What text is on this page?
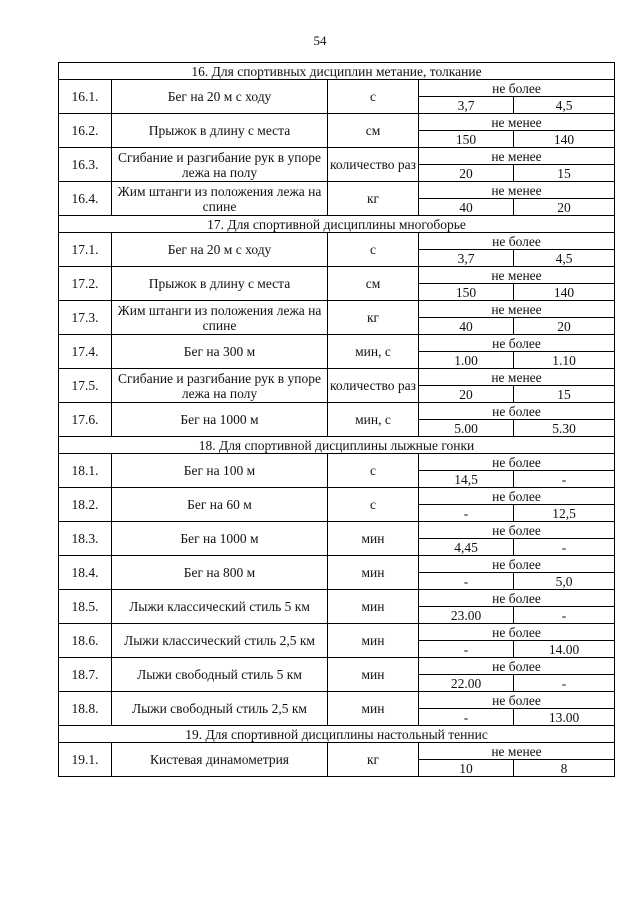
54
16. Для спортивных дисциплин метание, толкание				
16.1.	Бег на 20 м с ходу	с	не более	
			3,7	4,5
16.2.	Прыжок в длину с места	см	не менее	
			150	140
16.3.	Сгибание и разгибание рук в упоре лежа на полу	количество раз	не менее	
			20	15
16.4.	Жим штанги из положения лежа на спине	кг	не менее	
			40	20
17. Для спортивной дисциплины многоборье				
17.1.	Бег на 20 м с ходу	с	не более	
			3,7	4,5
17.2.	Прыжок в длину с места	см	не менее	
			150	140
17.3.	Жим штанги из положения лежа на спине	кг	не менее	
			40	20
17.4.	Бег на 300 м	мин, с	не более	
			1.00	1.10
17.5.	Сгибание и разгибание рук в упоре лежа на полу	количество раз	не менее	
			20	15
17.6.	Бег на 1000 м	мин, с	не более	
			5.00	5.30
18. Для спортивной дисциплины лыжные гонки				
18.1.	Бег на 100 м	с	не более	
			14,5	-
18.2.	Бег на 60 м	с	не более	
			-	12,5
18.3.	Бег на 1000 м	мин	не более	
			4,45	-
18.4.	Бег на 800 м	мин	не более	
			-	5,0
18.5.	Лыжи классический стиль 5 км	мин	не более	
			23.00	-
18.6.	Лыжи классический стиль 2,5 км	мин	не более	
			-	14.00
18.7.	Лыжи свободный стиль 5 км	мин	не более	
			22.00	-
18.8.	Лыжи свободный стиль 2,5 км	мин	не более	
			-	13.00
19. Для спортивной дисциплины настольный теннис				
19.1.	Кистевая динамометрия	кг	не менее	
			10	8
